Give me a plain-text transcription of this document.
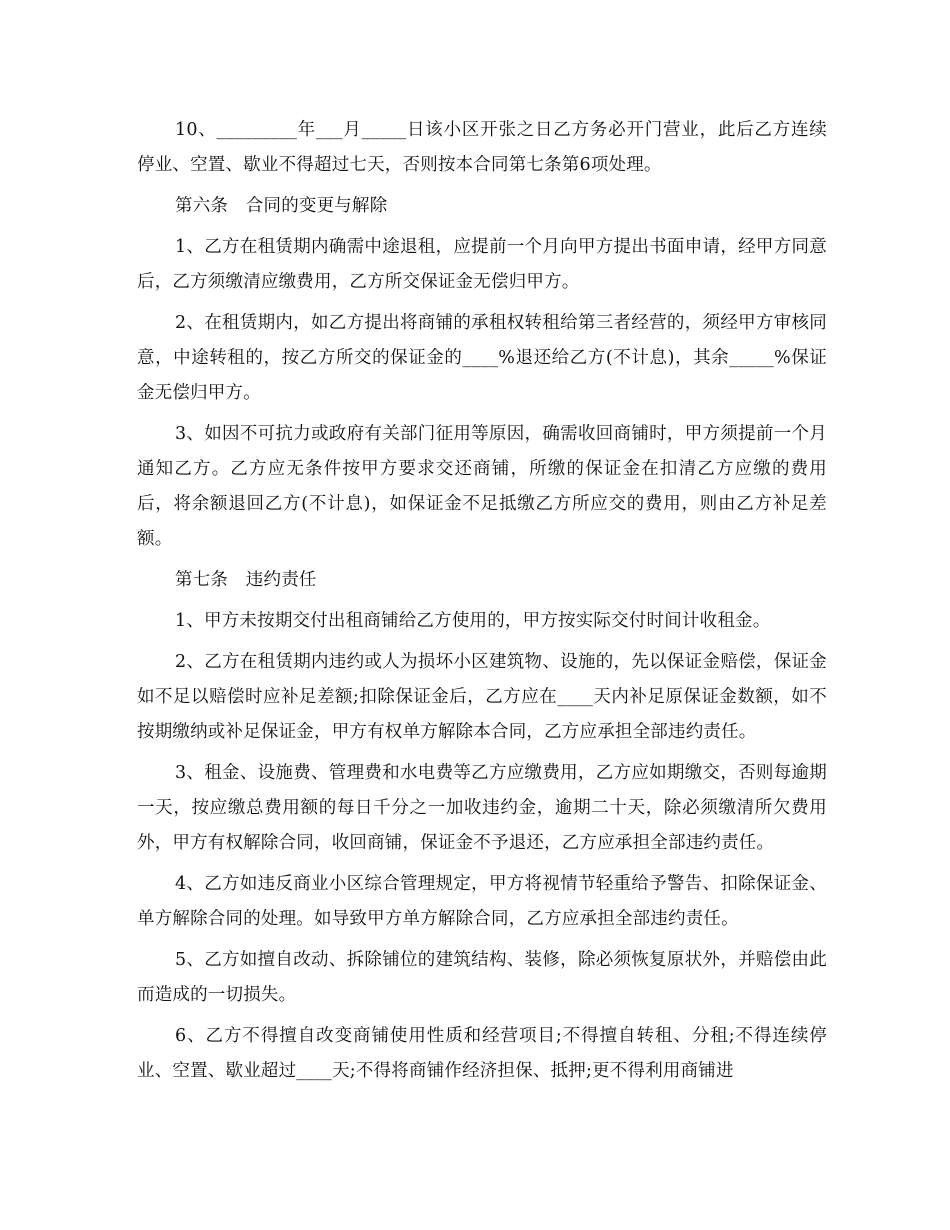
10、_________年___月_____日该小区开张之日乙方务必开门营业，此后乙方连续停业、空置、歇业不得超过七天，否则按本合同第七条第6项处理。

第六条　合同的变更与解除

1、乙方在租赁期内确需中途退租，应提前一个月向甲方提出书面申请，经甲方同意后，乙方须缴清应缴费用，乙方所交保证金无偿归甲方。

2、在租赁期内，如乙方提出将商铺的承租权转租给第三者经营的，须经甲方审核同意，中途转租的，按乙方所交的保证金的____%退还给乙方(不计息)，其余_____%保证金无偿归甲方。

3、如因不可抗力或政府有关部门征用等原因，确需收回商铺时，甲方须提前一个月通知乙方。乙方应无条件按甲方要求交还商铺，所缴的保证金在扣清乙方应缴的费用后，将余额退回乙方(不计息)，如保证金不足抵缴乙方所应交的费用，则由乙方补足差额。

第七条　违约责任

1、甲方未按期交付出租商铺给乙方使用的，甲方按实际交付时间计收租金。

2、乙方在租赁期内违约或人为损坏小区建筑物、设施的，先以保证金赔偿，保证金如不足以赔偿时应补足差额;扣除保证金后，乙方应在____天内补足原保证金数额，如不按期缴纳或补足保证金，甲方有权单方解除本合同，乙方应承担全部违约责任。

3、租金、设施费、管理费和水电费等乙方应缴费用，乙方应如期缴交，否则每逾期一天，按应缴总费用额的每日千分之一加收违约金，逾期二十天，除必须缴清所欠费用外，甲方有权解除合同，收回商铺，保证金不予退还，乙方应承担全部违约责任。

4、乙方如违反商业小区综合管理规定，甲方将视情节轻重给予警告、扣除保证金、单方解除合同的处理。如导致甲方单方解除合同，乙方应承担全部违约责任。

5、乙方如擅自改动、拆除铺位的建筑结构、装修，除必须恢复原状外，并赔偿由此而造成的一切损失。

6、乙方不得擅自改变商铺使用性质和经营项目;不得擅自转租、分租;不得连续停业、空置、歇业超过____天;不得将商铺作经济担保、抵押;更不得利用商铺进
